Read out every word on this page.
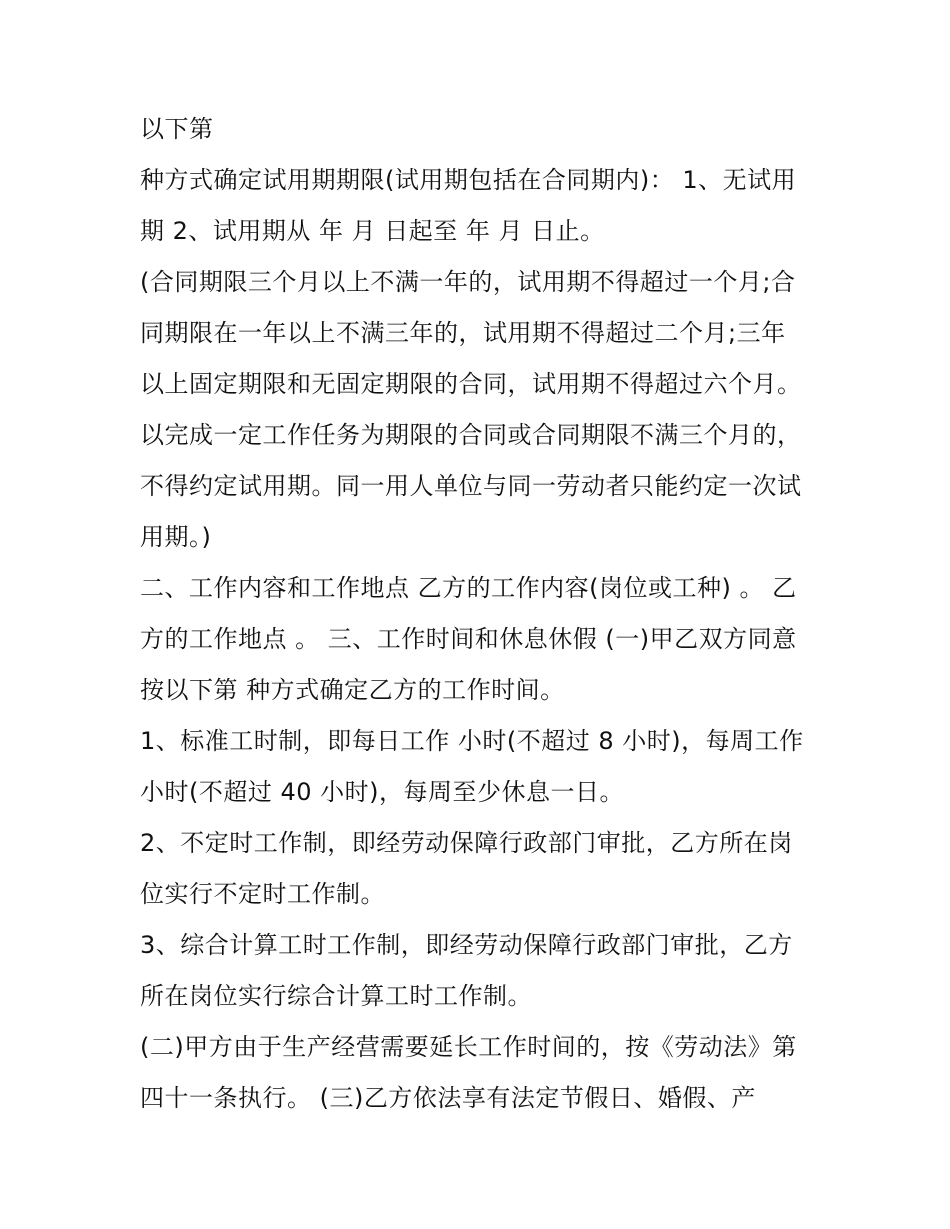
以下第
种方式确定试用期期限(试用期包括在合同期内)： 1、无试用
期 2、试用期从 年 月 日起至 年 月 日止。
(合同期限三个月以上不满一年的，试用期不得超过一个月;合
同期限在一年以上不满三年的，试用期不得超过二个月;三年
以上固定期限和无固定期限的合同，试用期不得超过六个月。
以完成一定工作任务为期限的合同或合同期限不满三个月的，
不得约定试用期。同一用人单位与同一劳动者只能约定一次试
用期。)
二、工作内容和工作地点 乙方的工作内容(岗位或工种) 。 乙
方的工作地点 。 三、工作时间和休息休假 (一)甲乙双方同意
按以下第 种方式确定乙方的工作时间。
1、标准工时制，即每日工作 小时(不超过 8 小时)，每周工作
小时(不超过 40 小时)，每周至少休息一日。
2、不定时工作制，即经劳动保障行政部门审批，乙方所在岗
位实行不定时工作制。
3、综合计算工时工作制，即经劳动保障行政部门审批，乙方
所在岗位实行综合计算工时工作制。
(二)甲方由于生产经营需要延长工作时间的，按《劳动法》第
四十一条执行。 (三)乙方依法享有法定节假日、婚假、产
